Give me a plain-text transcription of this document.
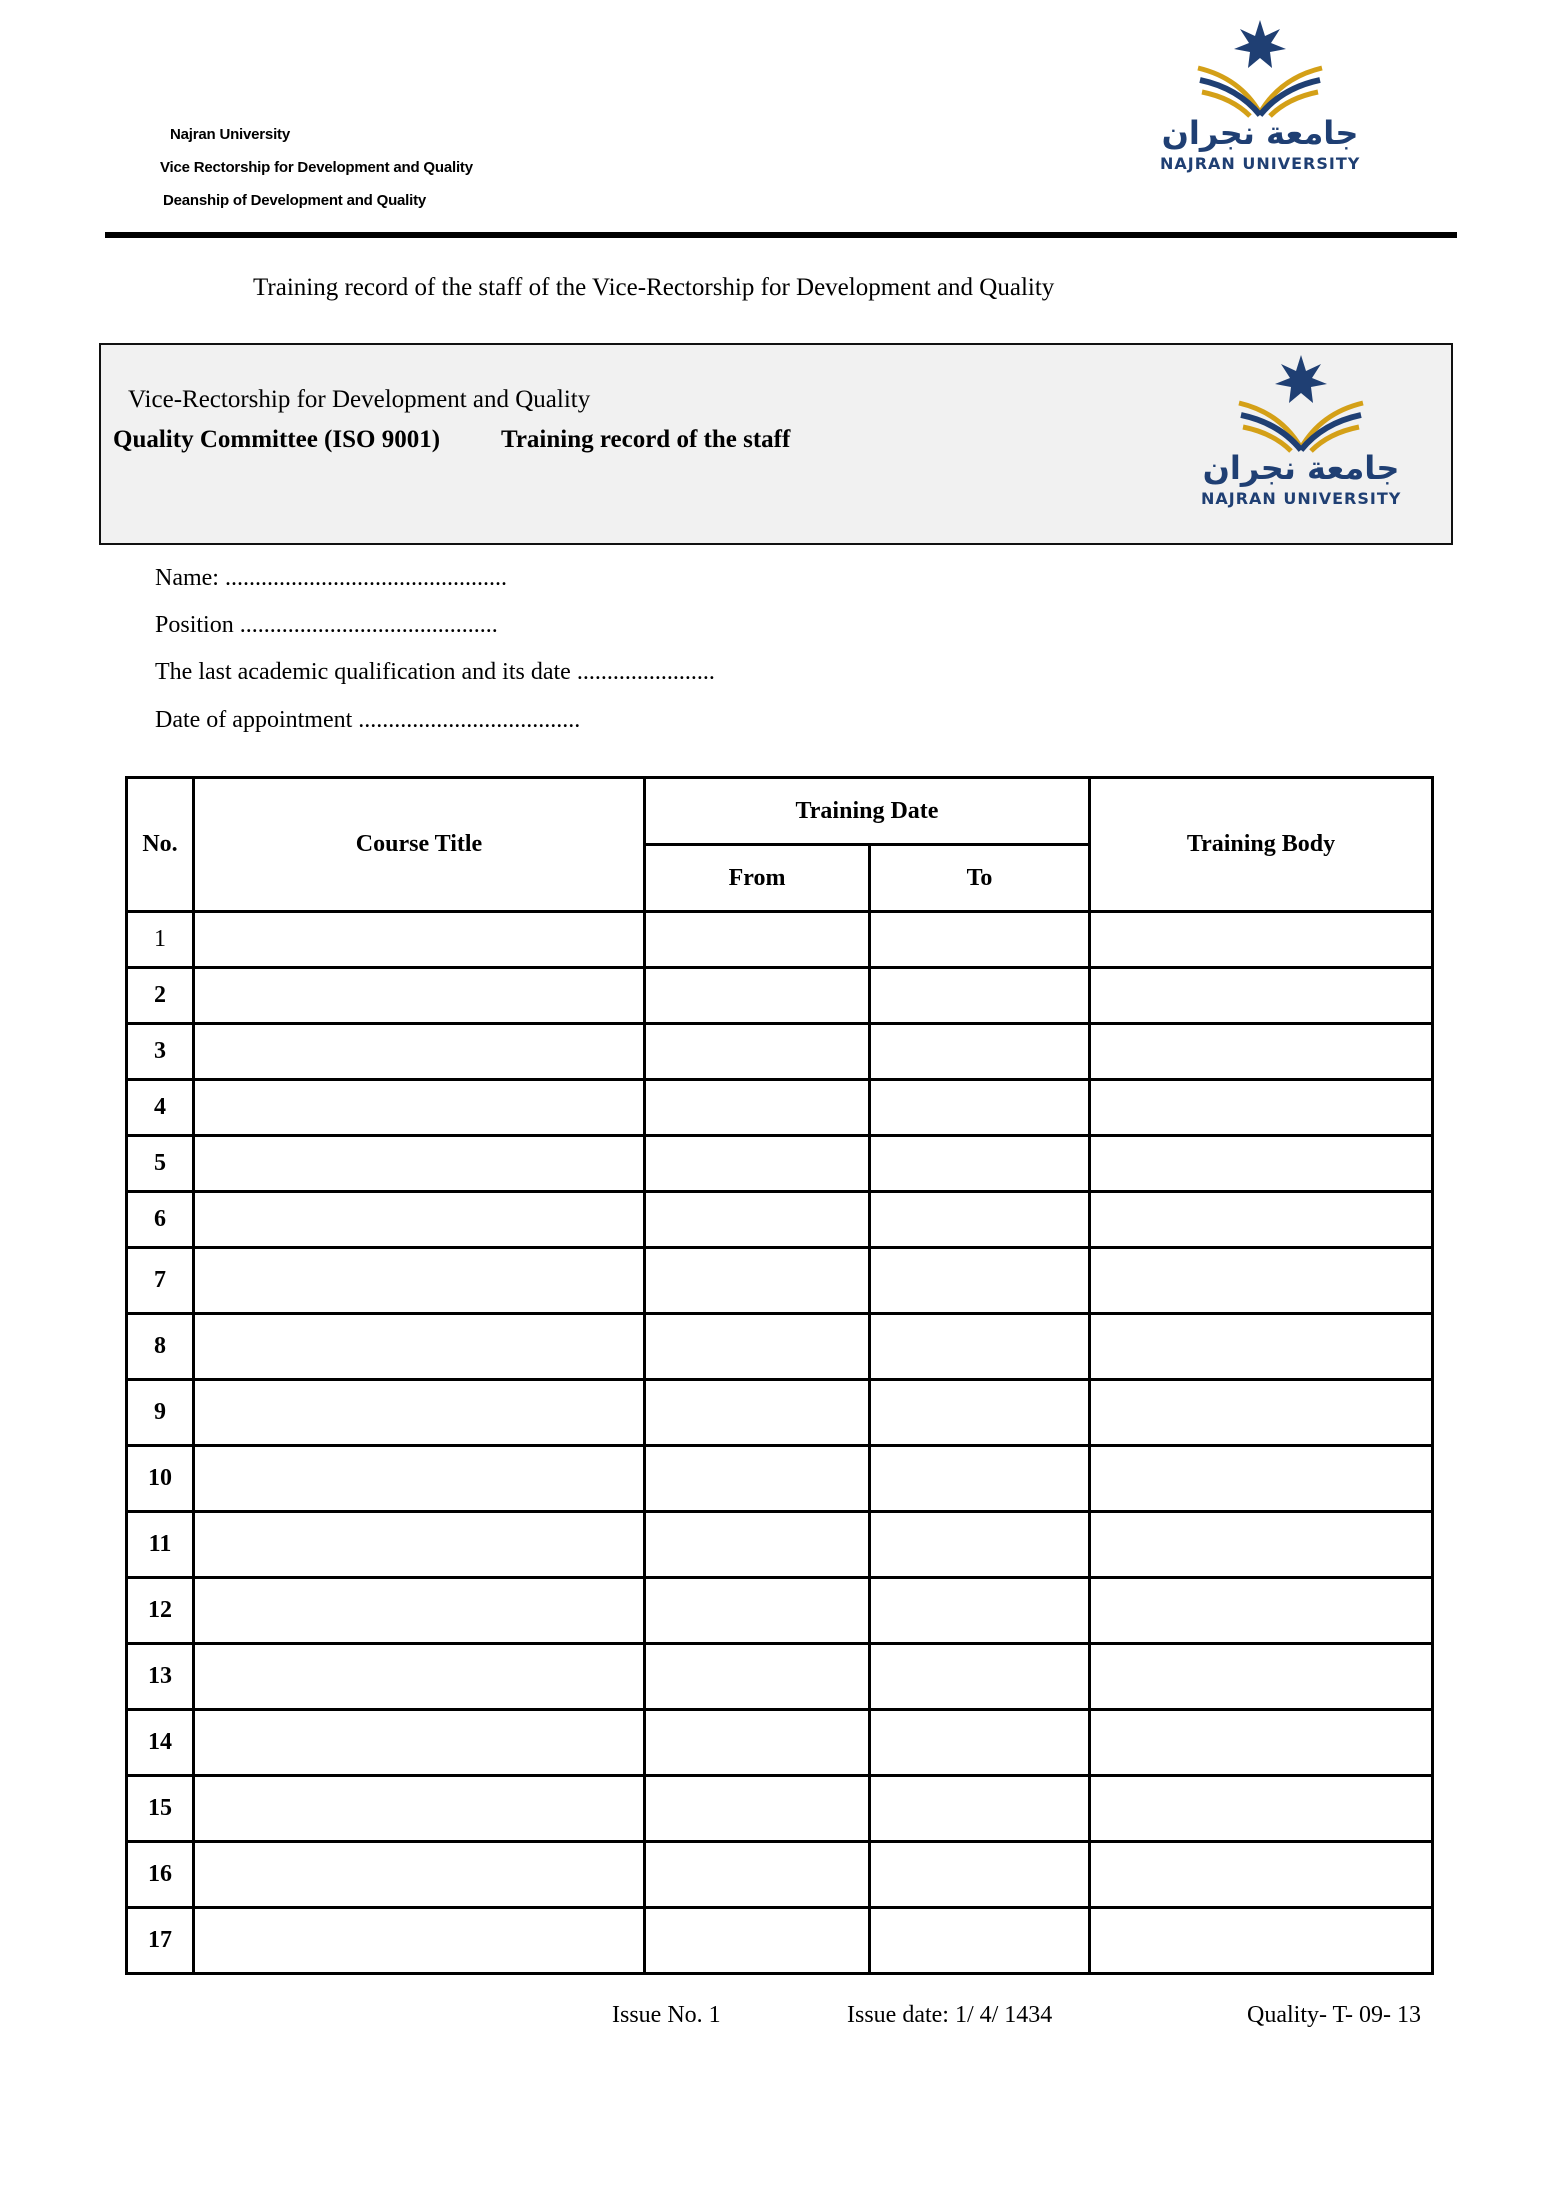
Najran University
Vice Rectorship for Development and Quality
Deanship of Development and Quality
جامعة نجران
NAJRAN UNIVERSITY
Training record of the staff of the Vice-Rectorship for Development and Quality
Vice-Rectorship for Development and Quality
Quality Committee (ISO 9001) Training record of the staff
جامعة نجران
NAJRAN UNIVERSITY
Name: ...............................................
Position ...........................................
The last academic qualification and its date .......................
Date of appointment .....................................
No.	Course Title	Training Date		Training Body
		From	To	
1				
2				
3				
4				
5				
6				
7				
8				
9				
10				
11				
12				
13				
14				
15				
16				
17				
Issue No. 1	Issue date: 1/ 4/ 1434	Quality- T- 09- 13
